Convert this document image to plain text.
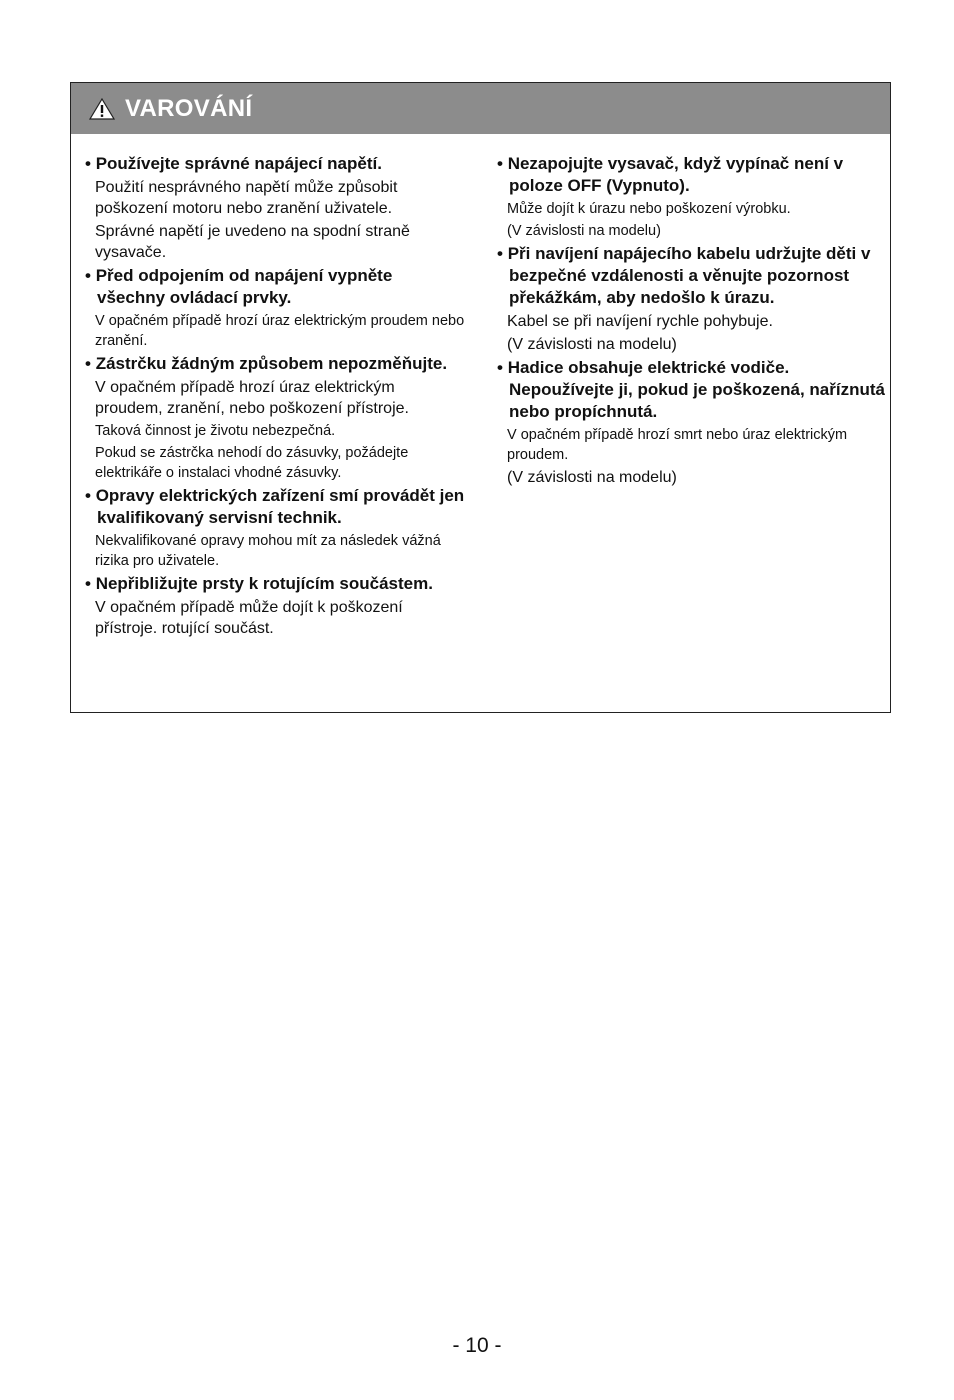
VAROVÁNÍ
• Používejte správné napájecí napětí.
Použití nesprávného napětí může způsobit poškození motoru nebo zranění uživatele.
Správné napětí je uvedeno na spodní straně vysavače.
• Před odpojením od napájení vypněte všechny ovládací prvky.
V opačném případě hrozí úraz elektrickým proudem nebo zranění.
• Zástrčku žádným způsobem nepozměňujte.
V opačném případě hrozí úraz elektrickým proudem, zranění, nebo poškození přístroje.
Taková činnost je životu nebezpečná.
Pokud se zástrčka nehodí do zásuvky, požádejte elektrikáře o instalaci vhodné zásuvky.
• Opravy elektrických zařízení smí provádět jen kvalifikovaný servisní technik.
Nekvalifikované opravy mohou mít za následek vážná rizika pro uživatele.
• Nepřibližujte prsty k rotujícím součástem.
V opačném případě může dojít k poškození přístroje. rotující součást.
• Nezapojujte vysavač, když vypínač není v poloze OFF (Vypnuto).
Může dojít k úrazu nebo poškození výrobku.
(V závislosti na modelu)
• Při navíjení napájecího kabelu udržujte děti v bezpečné vzdálenosti a věnujte pozornost překážkám, aby nedošlo k úrazu.
Kabel se při navíjení rychle pohybuje.
(V závislosti na modelu)
• Hadice obsahuje elektrické vodiče. Nepoužívejte ji, pokud je poškozená, naříznutá nebo propíchnutá.
V opačném případě hrozí smrt nebo úraz elektrickým proudem.
(V závislosti na modelu)
- 10 -
